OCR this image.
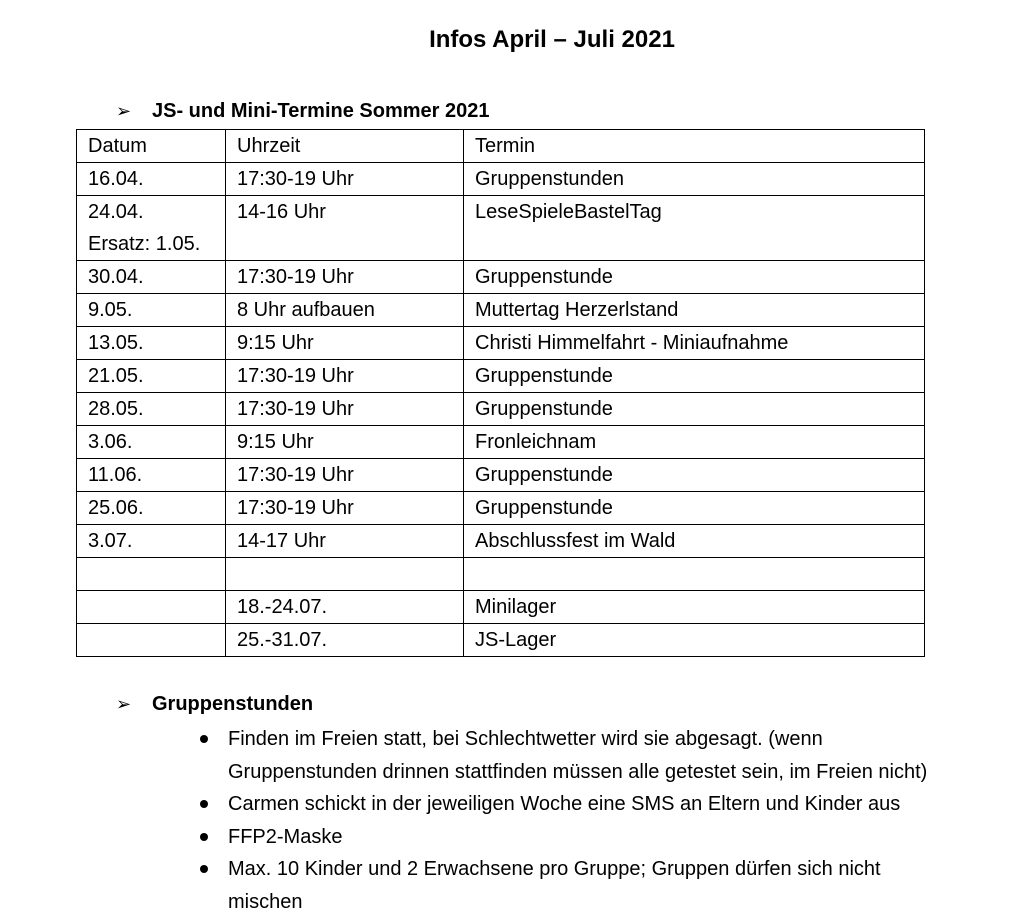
Infos April – Juli 2021
➢	JS- und Mini-Termine Sommer 2021
Datum	Uhrzeit	Termin

16.04.	17:30-19 Uhr	Gruppenstunden

24.04.
Ersatz: 1.05.	14-16 Uhr	LeseSpieleBastelTag

30.04.	17:30-19 Uhr	Gruppenstunde

9.05.	8 Uhr aufbauen	Muttertag Herzerlstand

13.05.	9:15 Uhr	Christi Himmelfahrt - Miniaufnahme

21.05.	17:30-19 Uhr	Gruppenstunde

28.05.	17:30-19 Uhr	Gruppenstunde

3.06.	9:15 Uhr	Fronleichnam

11.06.	17:30-19 Uhr	Gruppenstunde

25.06.	17:30-19 Uhr	Gruppenstunde

3.07.	14-17 Uhr	Abschlussfest im Wald

	18.-24.07.	Minilager

	25.-31.07.	JS-Lager
➢	Gruppenstunden
Finden im Freien statt, bei Schlechtwetter wird sie abgesagt. (wenn
Gruppenstunden drinnen stattfinden müssen alle getestet sein, im Freien nicht)
Carmen schickt in der jeweiligen Woche eine SMS an Eltern und Kinder aus
FFP2-Maske
Max. 10 Kinder und 2 Erwachsene pro Gruppe; Gruppen dürfen sich nicht
mischen
